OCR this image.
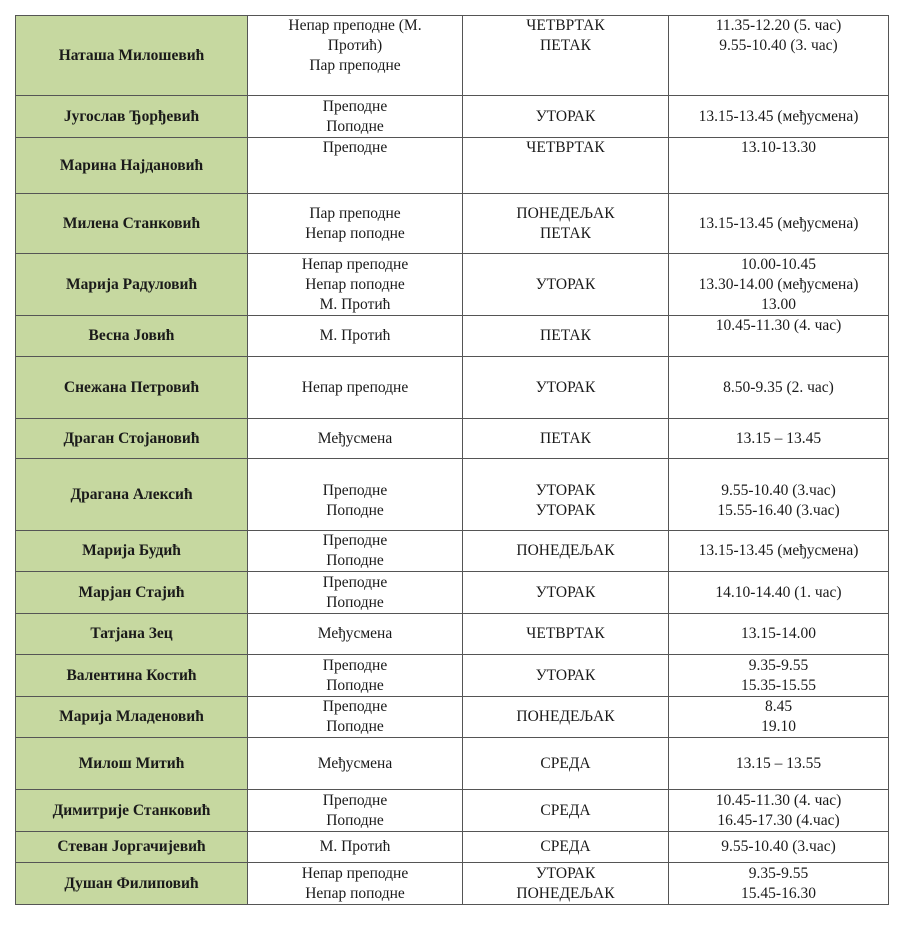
Наташа Милошевић	Непар преподне (М.
Протић)
Пар преподне	ЧЕТВРТАК
ПЕТАК	11.35-12.20 (5. час)
9.55-10.40 (3. час)

Југослав Ђорђевић	Преподне
Поподне	УТОРАК	13.15-13.45 (међусмена)

Марина Најдановић	Преподне	ЧЕТВРТАК	13.10-13.30

Милена Станковић	Пар преподне
Непар поподне	ПОНЕДЕЉАК
ПЕТАК	13.15-13.45 (међусмена)

Марија Радуловић	Непар преподне
Непар поподне
М. Протић	УТОРАК	10.00-10.45
13.30-14.00 (међусмена)
13.00

Весна Јовић	М. Протић	ПЕТАК	10.45-11.30 (4. час)

Снежана Петровић	Непар преподне	УТОРАК	8.50-9.35 (2. час)

Драган Стојановић	Међусмена	ПЕТАК	13.15 – 13.45

Драгана Алексић	Преподне
Поподне	УТОРАК
УТОРАК	9.55-10.40 (3.час)
15.55-16.40 (3.час)

Марија Будић	Преподне
Поподне	ПОНЕДЕЉАК	13.15-13.45 (међусмена)

Марјан Стајић	Преподне
Поподне	УТОРАК	14.10-14.40 (1. час)

Татјана Зец	Међусмена	ЧЕТВРТАК	13.15-14.00

Валентина Костић	Преподне
Поподне	УТОРАК	9.35-9.55
15.35-15.55

Марија Младеновић	Преподне
Поподне	ПОНЕДЕЉАК	8.45
19.10

Милош Митић	Међусмена	СРЕДА	13.15 – 13.55

Димитрије Станковић	Преподне
Поподне	СРЕДА	10.45-11.30 (4. час)
16.45-17.30 (4.час)

Стеван Јоргачијевић	М. Протић	СРЕДА	9.55-10.40 (3.час)

Душан Филиповић	Непар преподне
Непар поподне	УТОРАК
ПОНЕДЕЉАК	9.35-9.55
15.45-16.30
